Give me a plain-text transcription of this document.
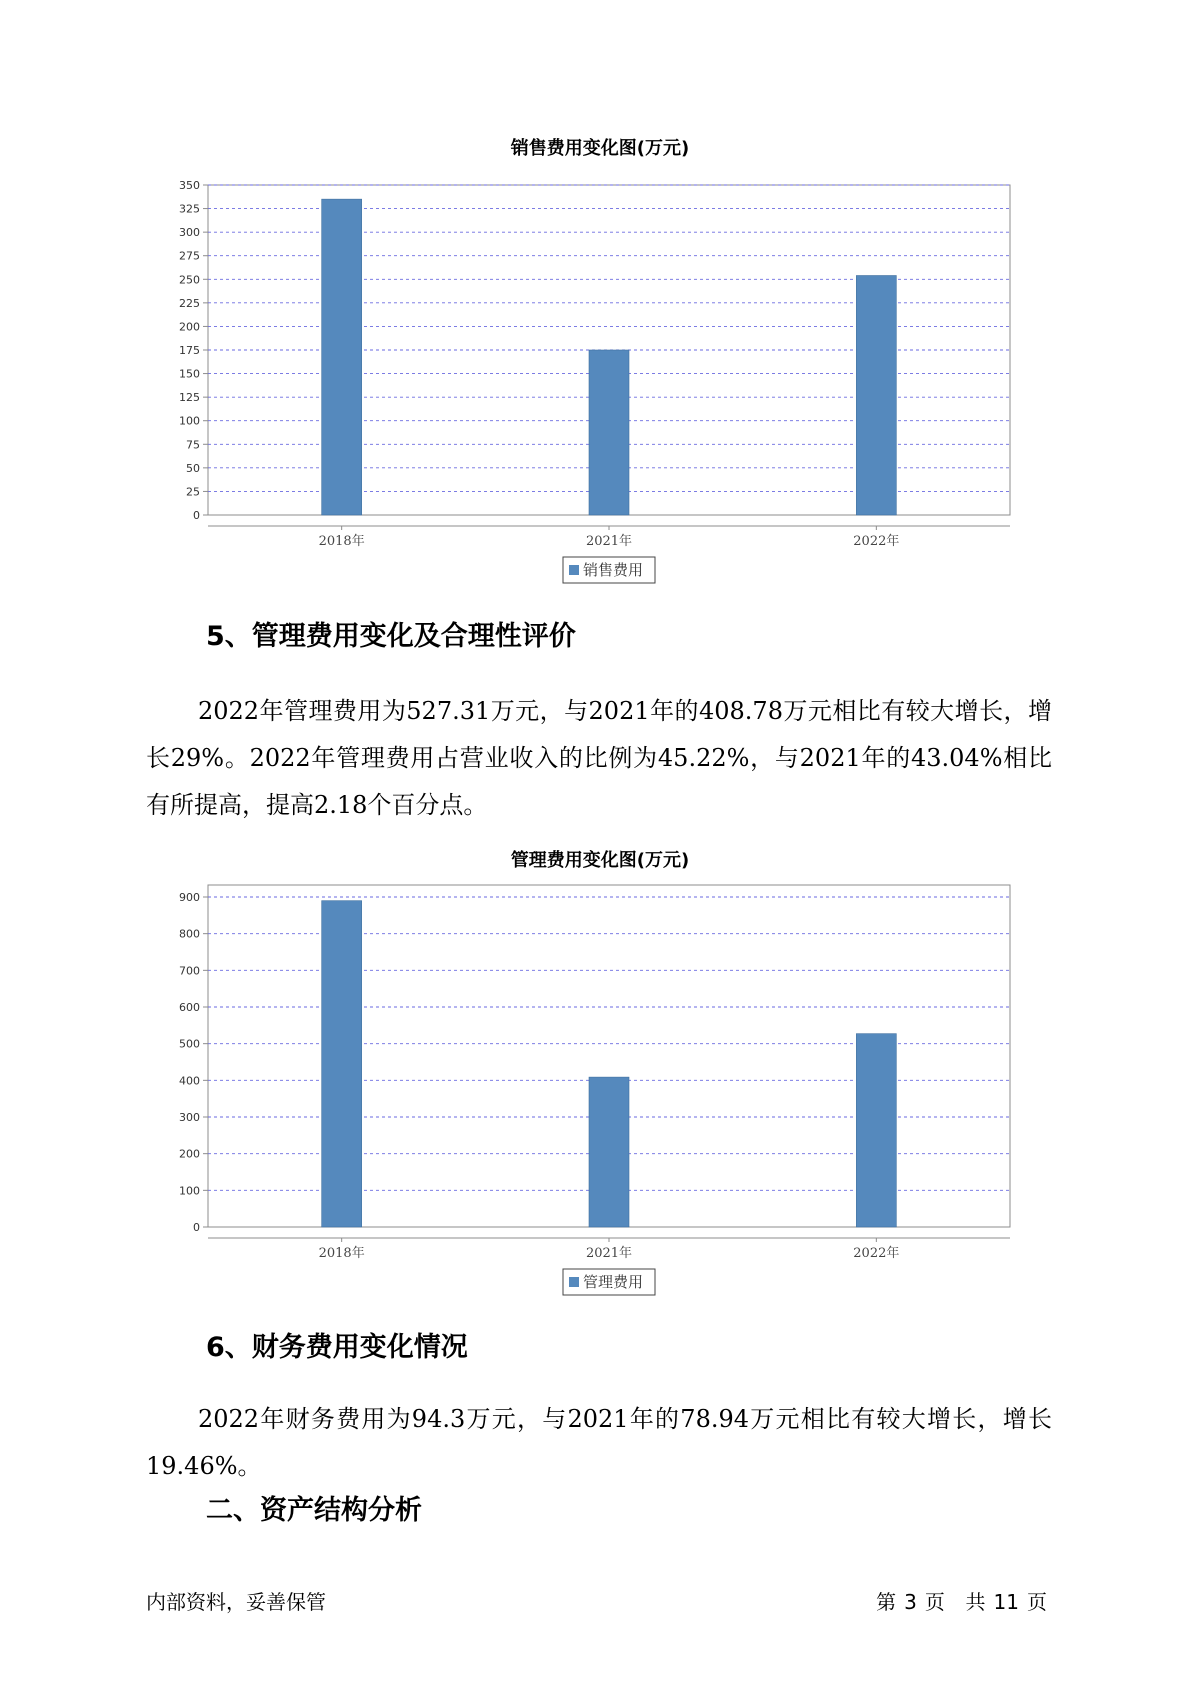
销售费用变化图(万元)
0
25
50
75
100
125
150
175
200
225
250
275
300
325
350
2018年	2021年	2022年
销售费用
5、管理费用变化及合理性评价

2022年管理费用为527.31万元，与2021年的408.78万元相比有较大增长，增长29%。2022年管理费用占营业收入的比例为45.22%，与2021年的43.04%相比有所提高，提高2.18个百分点。

管理费用变化图(万元)
0
100
200
300
400
500
600
700
800
900
2018年	2021年	2022年
管理费用
6、财务费用变化情况

2022年财务费用为94.3万元，与2021年的78.94万元相比有较大增长，增长19.46%。

二、资产结构分析
内部资料，妥善保管	第 3 页 共 11 页
